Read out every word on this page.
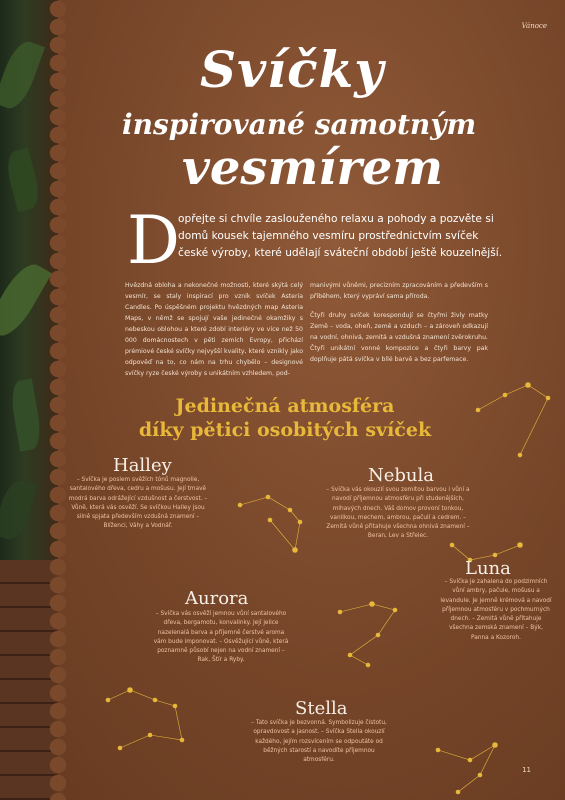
Vánoce
Svíčky
inspirované samotným
vesmírem
D
opřejte si chvíle zaslouženého relaxu a pohody a pozvěte si
domů kousek tajemného vesmíru prostřednictvím svíček
české výroby, které udělají sváteční období ještě kouzelnější.
Hvězdná obloha a nekonečné možnosti, které skýtá celý vesmír, se staly inspirací pro vznik svíček Asteria Candles. Po úspěšném projektu hvězdných map Asteria Maps, v němž se spojují vaše jedinečné okamžiky s nebeskou oblohou a které zdobí interiéry ve více než 50 000 domácnostech v pěti zemích Evropy, přichází prémiové české svíčky nejvyšší kvality, které vznikly jako odpověď na to, co nám na trhu chybělo – designové svíčky ryze české výroby s unikátním vzhledem, pod-
manivými vůněmi, precizním zpracováním a především s příběhem, který vypráví sama příroda.
Čtyři druhy svíček korespondují se čtyřmi živly matky Země – voda, oheň, země a vzduch – a zároveň odkazují na vodní, ohnivá, zemitá a vzdušná znamení zvěrokruhu. Čtyři unikátní vonné kompozice a čtyři barvy pak doplňuje pátá svíčka v bílé barvě a bez parfemace.
Jedinečná atmosféra
díky pětici osobitých svíček
Halley
– Svíčka je poslem svěžích tónů magnolie, santalového dřeva, cedru a mošusu. Její tmavě modrá barva odrážející vzdušnost a čerstvost. – Vůně, která vás osvěží. Se svíčkou Halley jsou silně spjata především vzdušná znamení – Blíženci, Váhy a Vodnář.
Nebula
– Svíčka vás okouzlí svou zemitou barvou i vůní a navodí příjemnou atmosféru při studenějších, mlhavých dnech. Váš domov provoní tonkou, vanilkou, mechem, ambrou, pačulí a cedrem. – Zemitá vůně přitahuje všechna ohnivá znamení – Beran, Lev a Střelec.
Luna
– Svíčka je zahalena do podzimních vůní ambry, pačule, mošusu a levandule. Je jemně krémová a navodí příjemnou atmosféru v pochmurných dnech. – Zemitá vůně přitahuje všechna zemská znamení – Býk, Panna a Kozoroh.
Aurora
– Svíčka vás osvěží jemnou vůní santalového dřeva, bergamotu, konvalinky. Její jelice nazelenalá barva a příjemně čerstvé aroma vám bude imponovat. – Osvěžující vůně, která poznamně působí nejen na vodní znamení – Rak, Štír a Ryby.
Stella
– Tato svíčka je bezvonná. Symbolizuje čistotu, opravdovost a jasnost. – Svíčka Stella okouzlí každého, jejím rozsvícením se odpoutáte od běžných starostí a navodíte příjemnou atmosféru.
11
